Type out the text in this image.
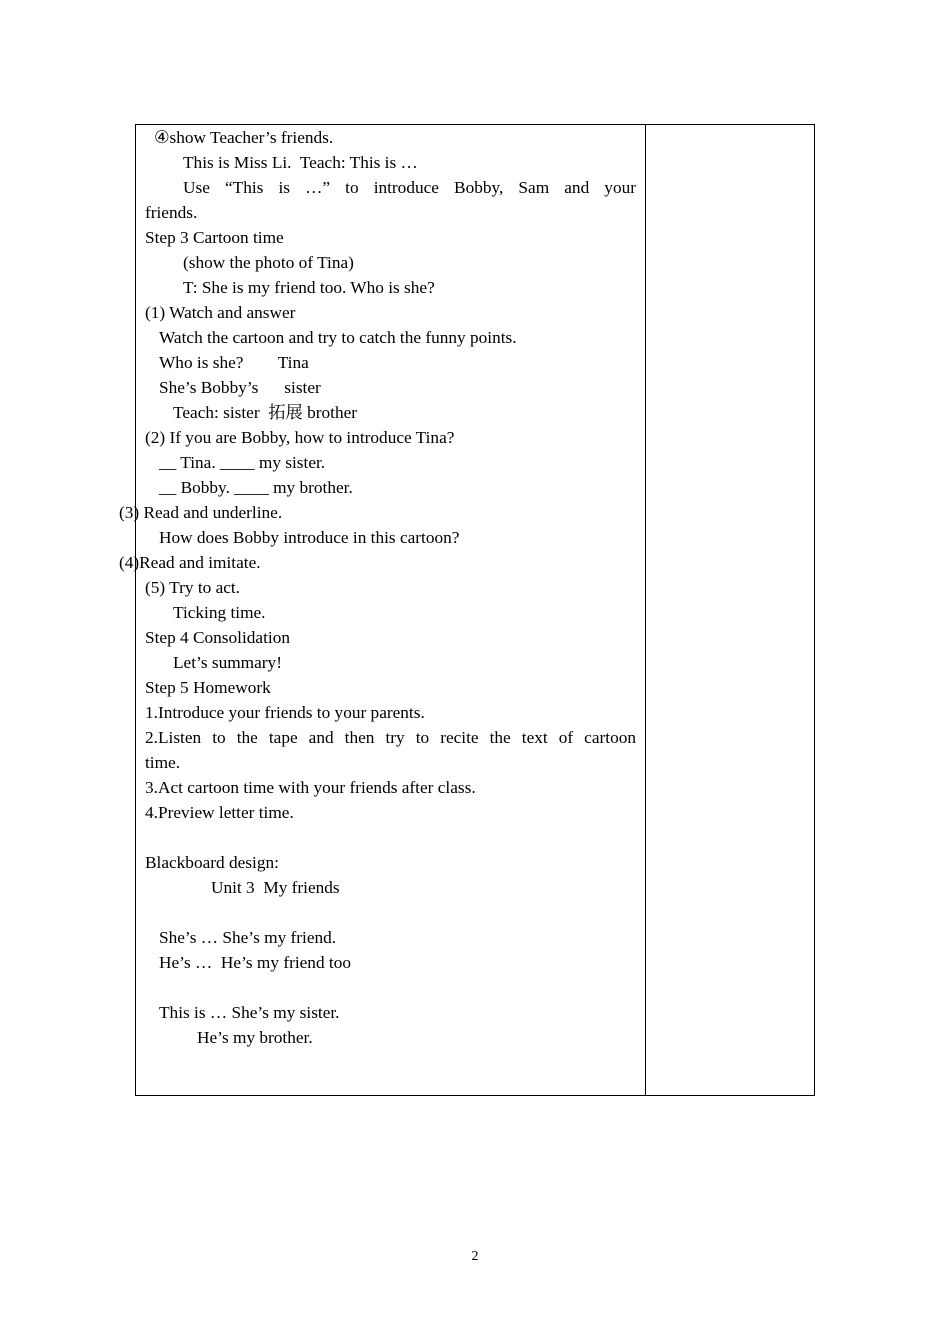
④show Teacher’s friends.
This is Miss Li.  Teach: This is …
Use “This is …” to introduce Bobby, Sam and your
friends.
Step 3 Cartoon time
(show the photo of Tina)
T: She is my friend too. Who is she?
(1) Watch and answer
Watch the cartoon and try to catch the funny points.
Who is she?        Tina
She’s Bobby’s      sister
Teach: sister  拓展 brother
(2) If you are Bobby, how to introduce Tina?
__ Tina. ____ my sister.
__ Bobby. ____ my brother.
(3) Read and underline.
How does Bobby introduce in this cartoon?
(4)Read and imitate.
(5) Try to act.
Ticking time.
Step 4 Consolidation
Let’s summary!
Step 5 Homework
1.Introduce your friends to your parents.
2.Listen to the tape and then try to recite the text of cartoon
time.
3.Act cartoon time with your friends after class.
4.Preview letter time.
Blackboard design:
Unit 3  My friends
She’s … She’s my friend.
He’s …  He’s my friend too
This is … She’s my sister.
He’s my brother.
2
